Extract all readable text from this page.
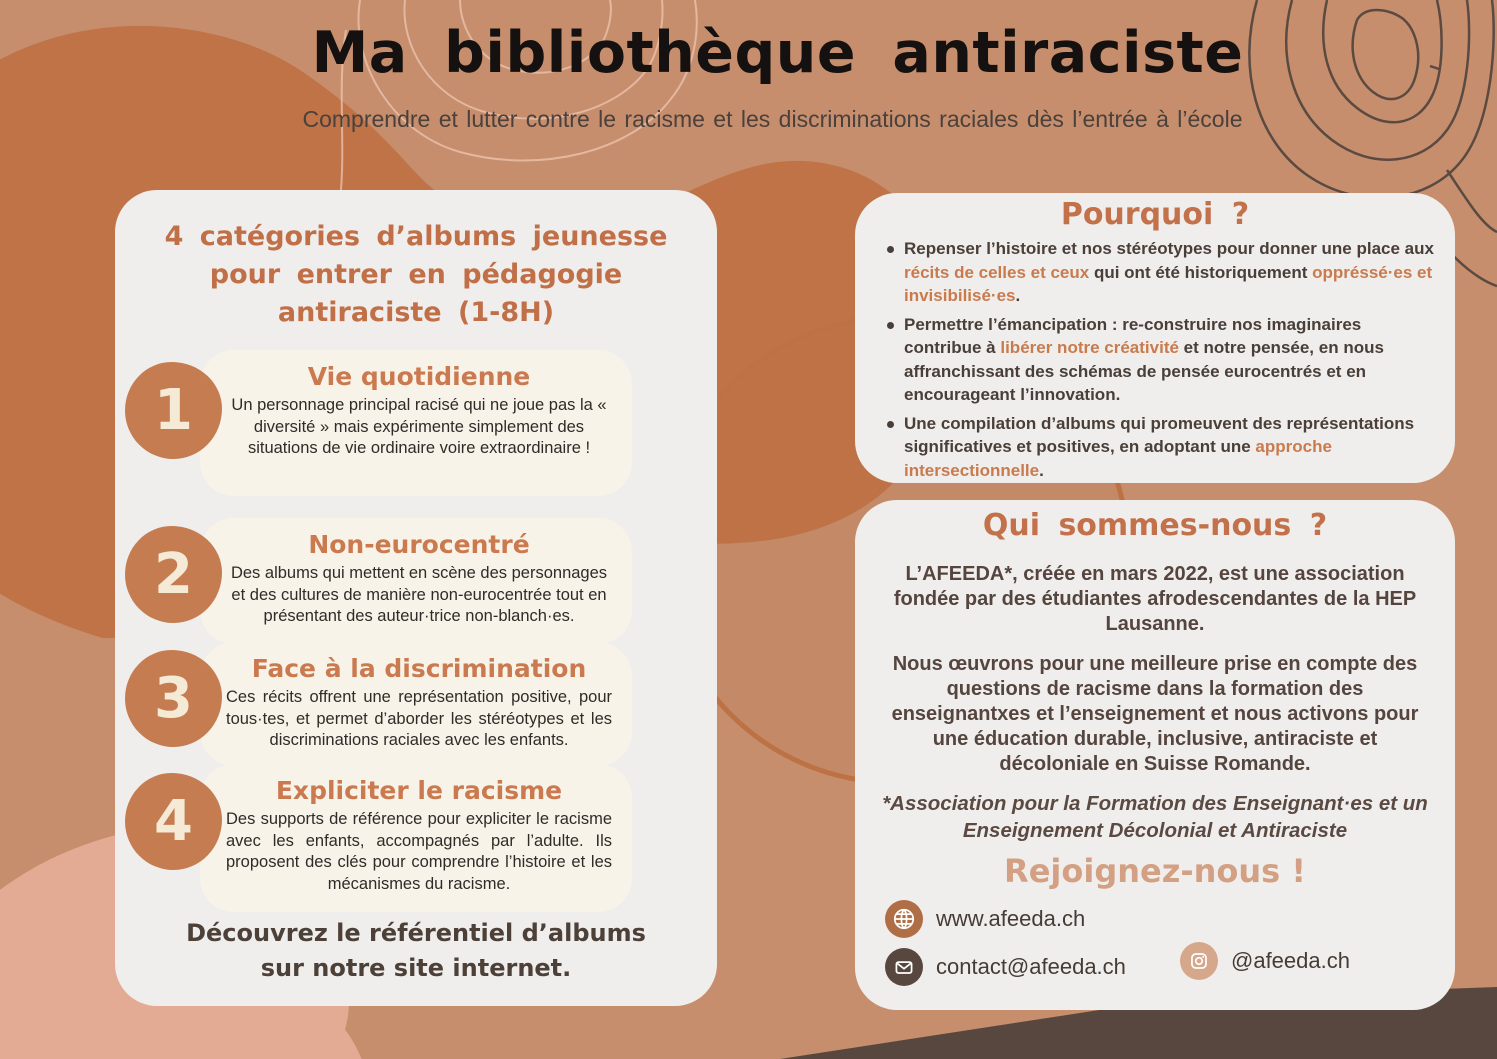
Ma bibliothèque antiraciste
Comprendre et lutter contre le racisme et les discriminations raciales dès l’entrée à l’école
4 catégories d’albums jeunesse pour entrer en pédagogie antiraciste (1-8H)
1
Vie quotidienne

Un personnage principal racisé qui ne joue pas la « diversité » mais expérimente simplement des situations de vie ordinaire voire extraordinaire !

2	Non-eurocentré

Des albums qui mettent en scène des personnages et des cultures de manière non-eurocentrée tout en présentant des auteur·trice non-blanch·es.

3	Face à la discrimination

Ces récits offrent une représentation positive, pour tous·tes, et permet d’aborder les stéréotypes et les discriminations raciales avec les enfants.

4	Expliciter le racisme

Des supports de référence pour expliciter le racisme avec les enfants, accompagnés par l’adulte. Ils proposent des clés pour comprendre l’histoire et les mécanismes du racisme.

Découvrez le référentiel d’albums sur notre site internet.
Pourquoi ?
Repenser l’histoire et nos stéréotypes pour donner une place aux récits de celles et ceux qui ont été historiquement oppréssé·es et invisibilisé·es.
Permettre l’émancipation : re-construire nos imaginaires contribue à libérer notre créativité et notre pensée, en nous affranchissant des schémas de pensée eurocentrés et en encourageant l’innovation.
Une compilation d’albums qui promeuvent des représentations significatives et positives, en adoptant une approche intersectionnelle.
Qui sommes-nous ?

L’AFEEDA*, créée en mars 2022, est une association fondée par des étudiantes afrodescendantes de la HEP Lausanne.

Nous œuvrons pour une meilleure prise en compte des questions de racisme dans la formation des enseignantxes et l’enseignement et nous activons pour une éducation durable, inclusive, antiraciste et décoloniale en Suisse Romande.

*Association pour la Formation des Enseignant·es et un Enseignement Décolonial et Antiraciste

Rejoignez-nous !
www.afeeda.ch
contact@afeeda.ch	@afeeda.ch
